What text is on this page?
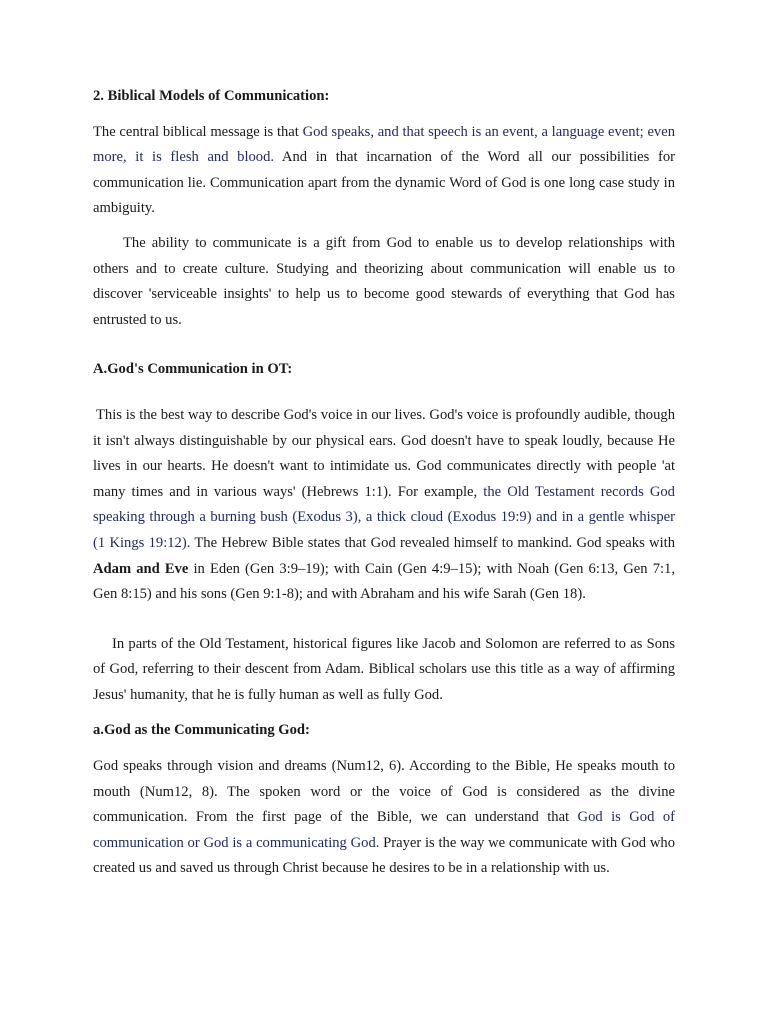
2. Biblical Models of Communication:

The central biblical message is that God speaks, and that speech is an event, a language event; even more, it is flesh and blood. And in that incarnation of the Word all our possibilities for communication lie. Communication apart from the dynamic Word of God is one long case study in ambiguity.

The ability to communicate is a gift from God to enable us to develop relationships with others and to create culture. Studying and theorizing about communication will enable us to discover 'serviceable insights' to help us to become good stewards of everything that God has entrusted to us.

A.God's Communication in OT:

This is the best way to describe God's voice in our lives. God's voice is profoundly audible, though it isn't always distinguishable by our physical ears. God doesn't have to speak loudly, because He lives in our hearts. He doesn't want to intimidate us. God communicates directly with people 'at many times and in various ways' (Hebrews 1:1). For example, the Old Testament records God speaking through a burning bush (Exodus 3), a thick cloud (Exodus 19:9) and in a gentle whisper (1 Kings 19:12). The Hebrew Bible states that God revealed himself to mankind. God speaks with Adam and Eve in Eden (Gen 3:9–19); with Cain (Gen 4:9–15); with Noah (Gen 6:13, Gen 7:1, Gen 8:15) and his sons (Gen 9:1-8); and with Abraham and his wife Sarah (Gen 18).

In parts of the Old Testament, historical figures like Jacob and Solomon are referred to as Sons of God, referring to their descent from Adam. Biblical scholars use this title as a way of affirming Jesus' humanity, that he is fully human as well as fully God.

a.God as the Communicating God:

God speaks through vision and dreams (Num12, 6). According to the Bible, He speaks mouth to mouth (Num12, 8). The spoken word or the voice of God is considered as the divine communication. From the first page of the Bible, we can understand that God is God of communication or God is a communicating God. Prayer is the way we communicate with God who created us and saved us through Christ because he desires to be in a relationship with us.
